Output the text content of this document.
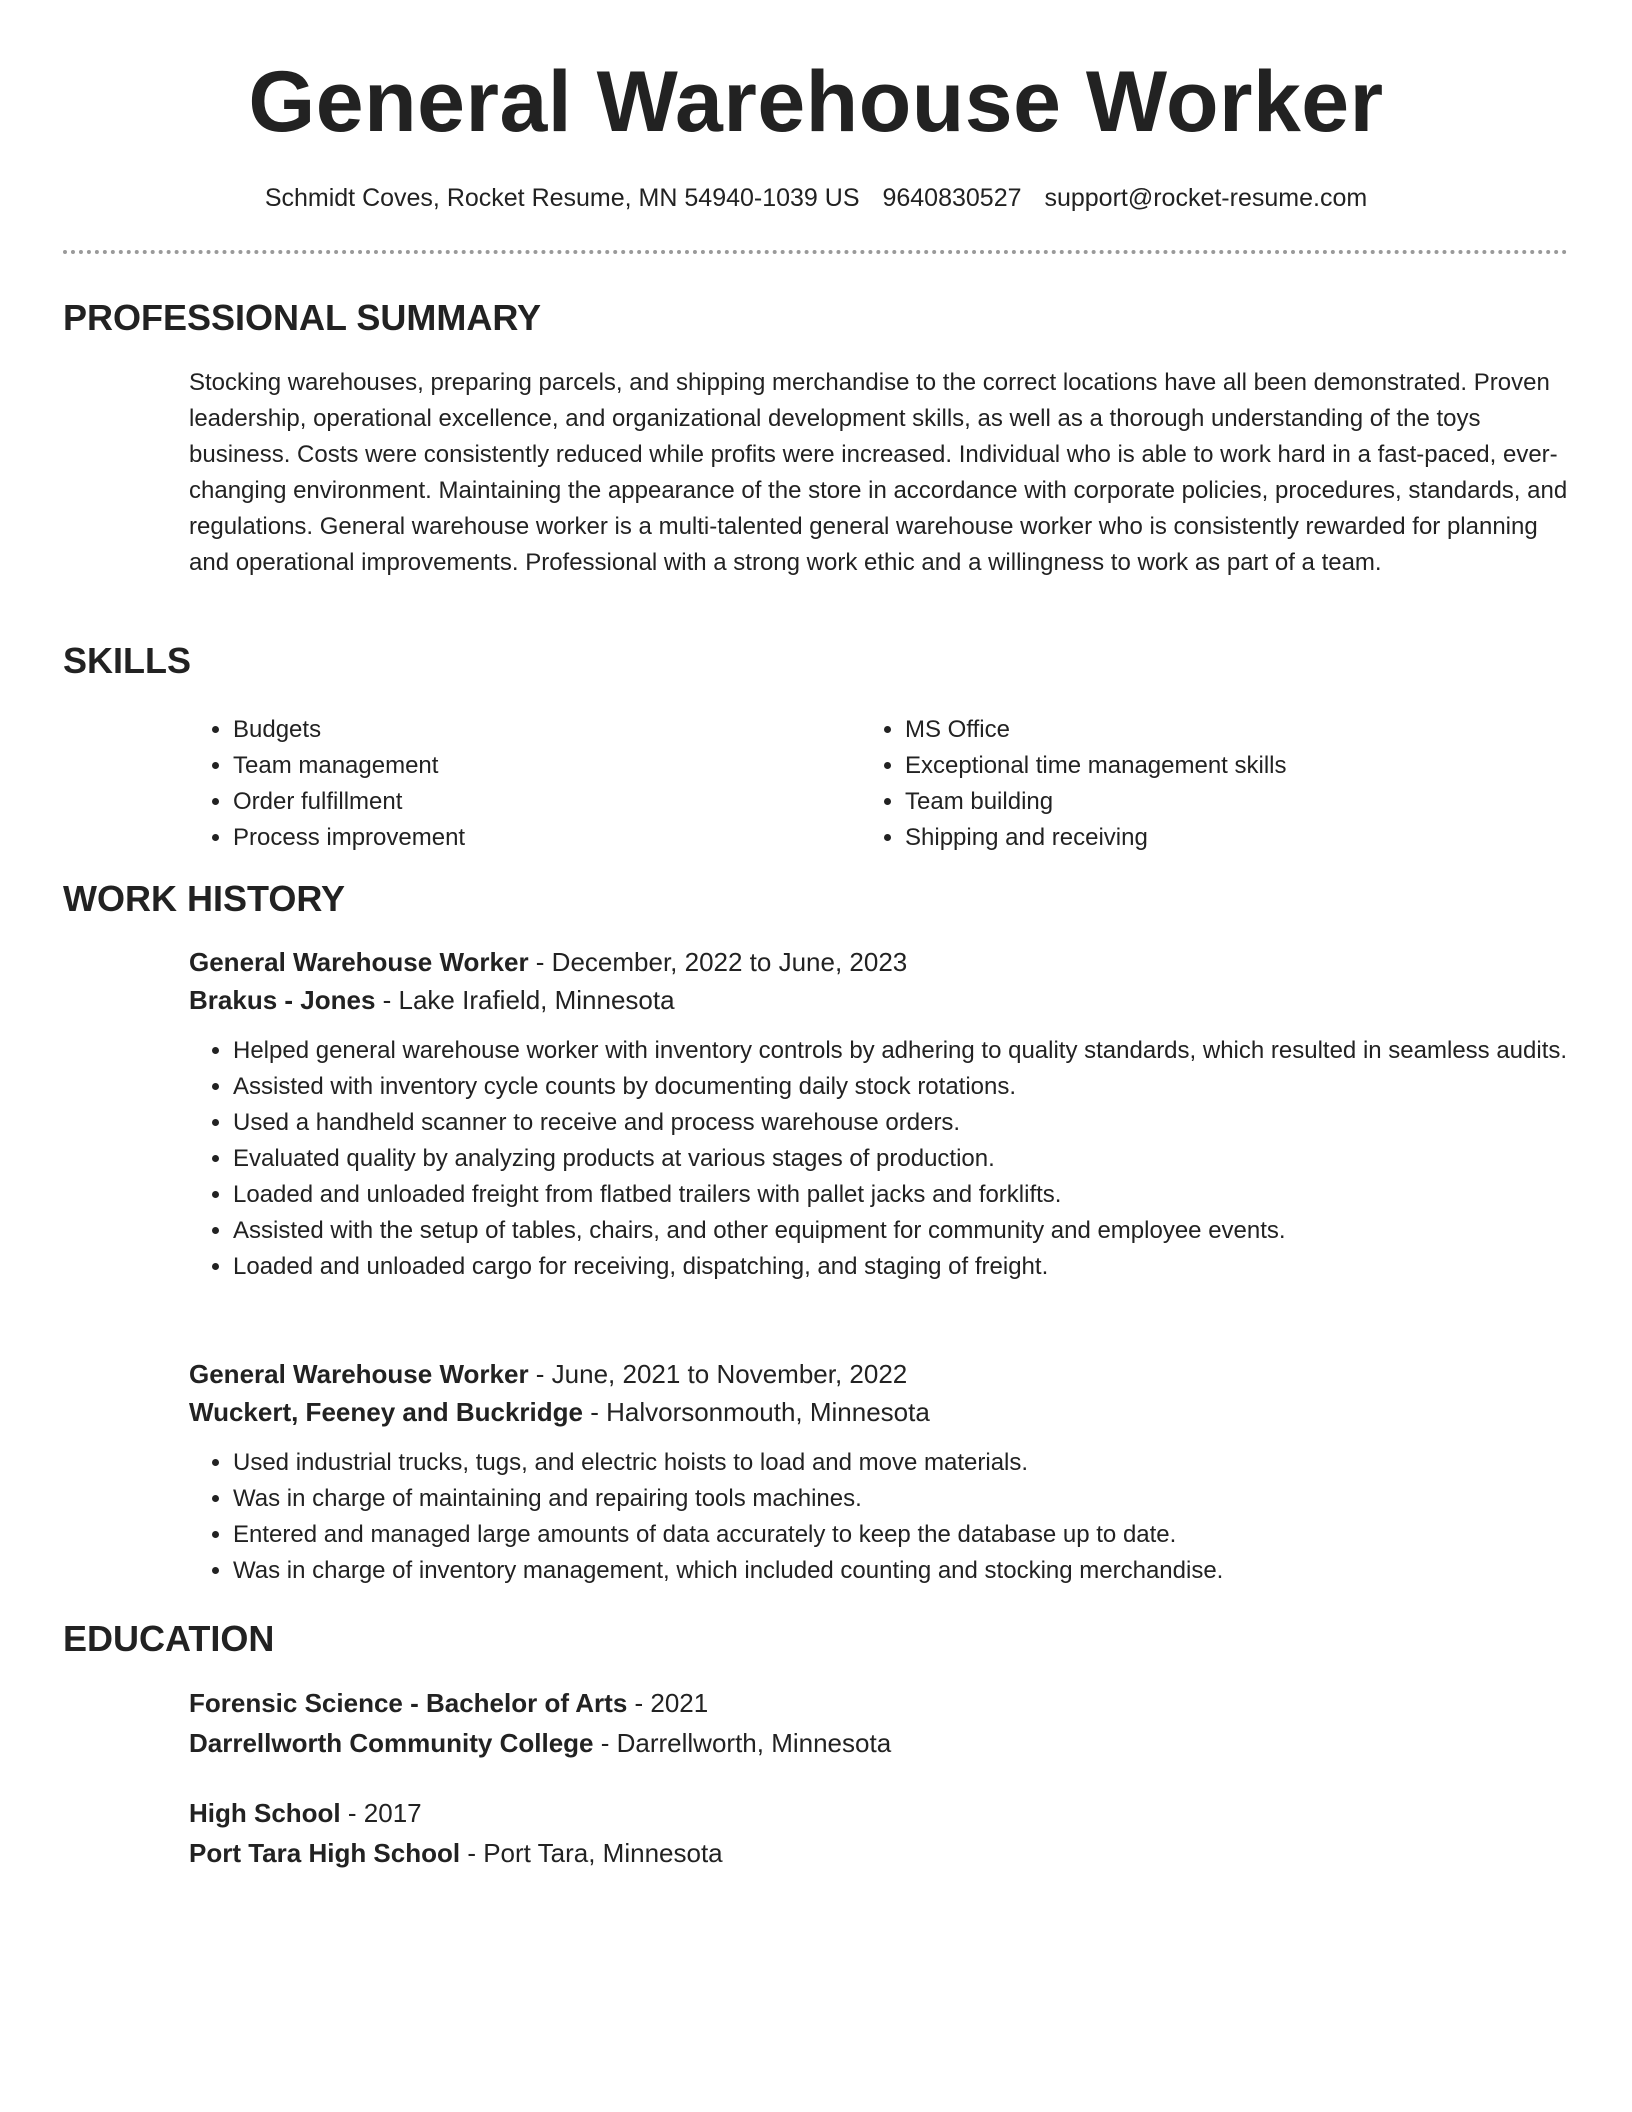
General Warehouse Worker
Schmidt Coves, Rocket Resume, MN 54940-1039 US 9640830527 support@rocket-resume.com
PROFESSIONAL SUMMARY

Stocking warehouses, preparing parcels, and shipping merchandise to the correct locations have all been demonstrated. Proven leadership, operational excellence, and organizational development skills, as well as a thorough understanding of the toys business. Costs were consistently reduced while profits were increased. Individual who is able to work hard in a fast-paced, ever-changing environment. Maintaining the appearance of the store in accordance with corporate policies, procedures, standards, and regulations. General warehouse worker is a multi-talented general warehouse worker who is consistently rewarded for planning and operational improvements. Professional with a strong work ethic and a willingness to work as part of a team.

SKILLS
• Budgets
• Team management
• Order fulfillment
• Process improvement
• MS Office
• Exceptional time management skills
• Team building
• Shipping and receiving
WORK HISTORY
General Warehouse Worker - December, 2022 to June, 2023
Brakus - Jones - Lake Irafield, Minnesota
• Helped general warehouse worker with inventory controls by adhering to quality standards, which resulted in seamless audits.
• Assisted with inventory cycle counts by documenting daily stock rotations.
• Used a handheld scanner to receive and process warehouse orders.
• Evaluated quality by analyzing products at various stages of production.
• Loaded and unloaded freight from flatbed trailers with pallet jacks and forklifts.
• Assisted with the setup of tables, chairs, and other equipment for community and employee events.
• Loaded and unloaded cargo for receiving, dispatching, and staging of freight.
General Warehouse Worker - June, 2021 to November, 2022
Wuckert, Feeney and Buckridge - Halvorsonmouth, Minnesota
• Used industrial trucks, tugs, and electric hoists to load and move materials.
• Was in charge of maintaining and repairing tools machines.
• Entered and managed large amounts of data accurately to keep the database up to date.
• Was in charge of inventory management, which included counting and stocking merchandise.
EDUCATION
Forensic Science - Bachelor of Arts - 2021
Darrellworth Community College - Darrellworth, Minnesota
High School - 2017
Port Tara High School - Port Tara, Minnesota
